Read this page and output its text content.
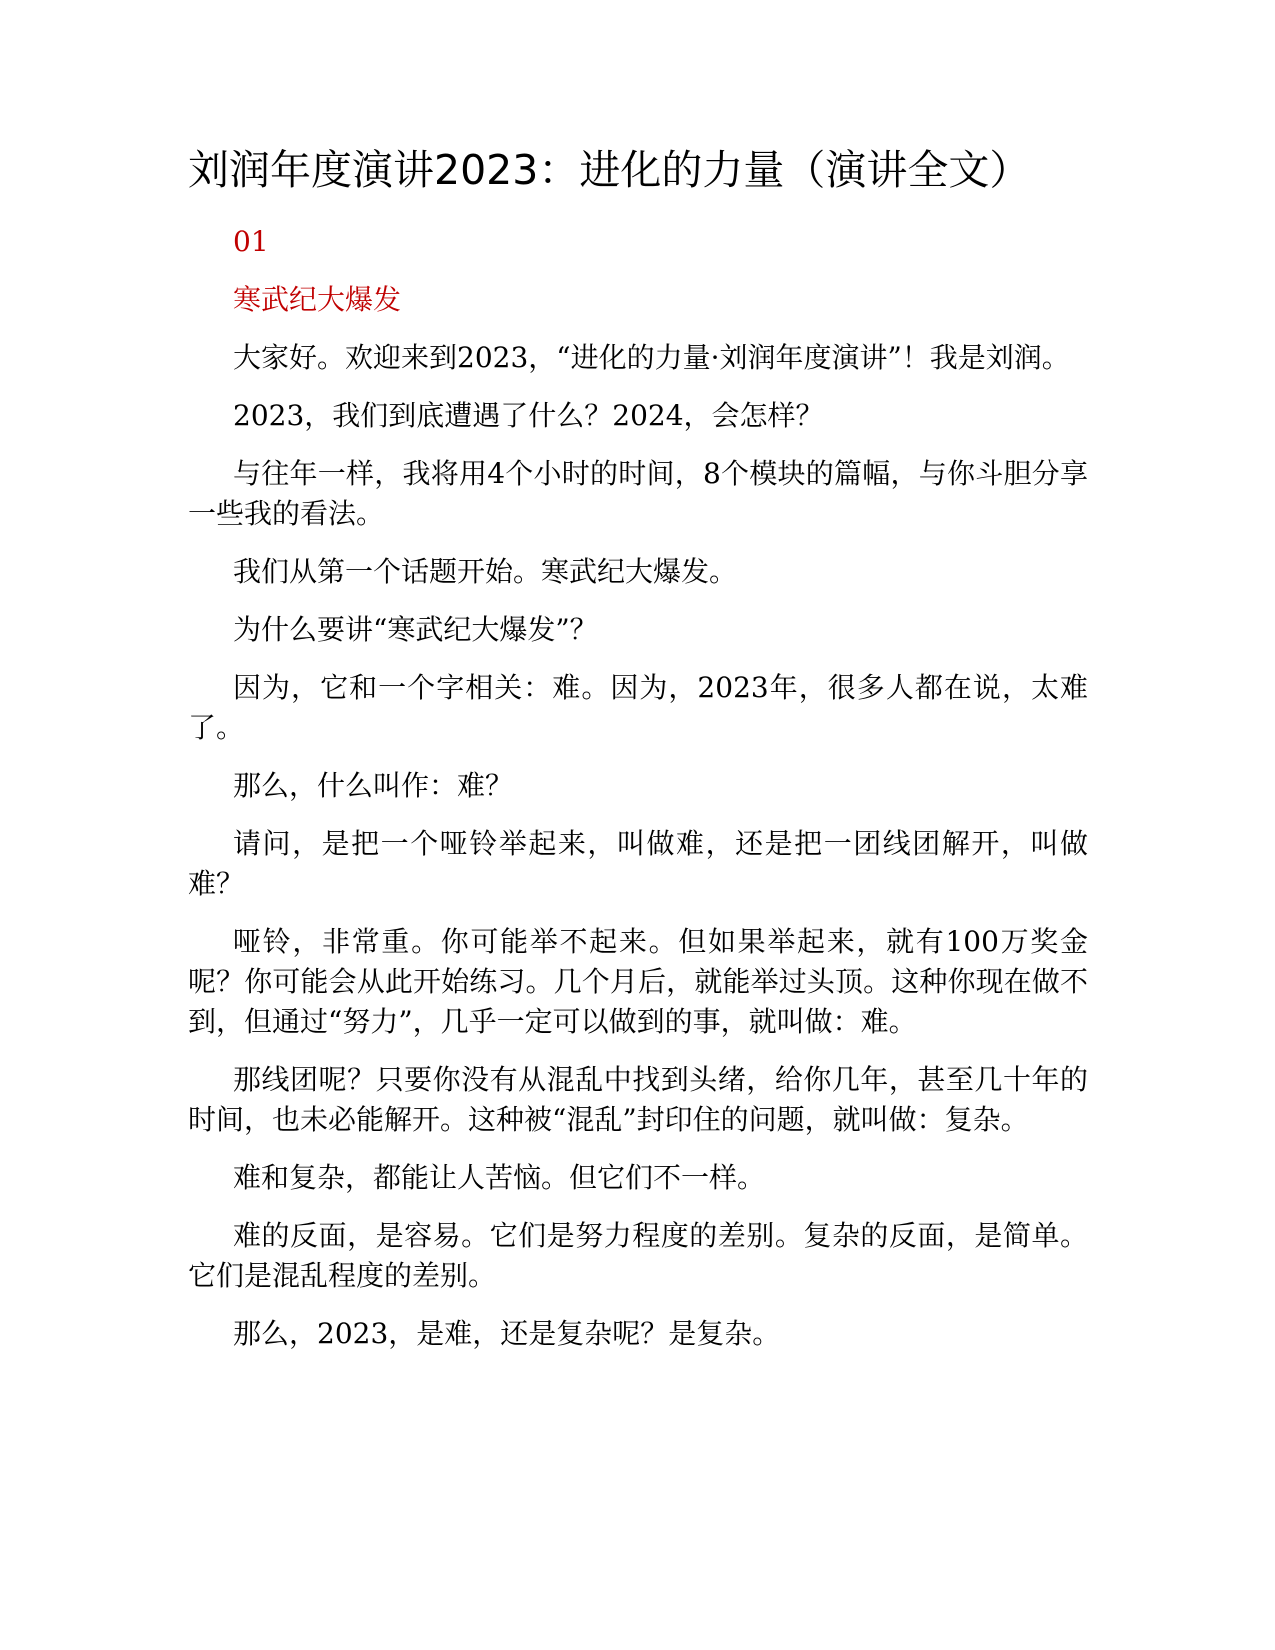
刘润年度演讲2023：进化的力量（演讲全文）

01

寒武纪大爆发

大家好。欢迎来到2023，“进化的力量·刘润年度演讲”！我是刘润。

2023，我们到底遭遇了什么？2024，会怎样？

与往年一样，我将用4个小时的时间，8个模块的篇幅，与你斗胆分享一些我的看法。

我们从第一个话题开始。寒武纪大爆发。

为什么要讲“寒武纪大爆发”？

因为，它和一个字相关：难。因为，2023年，很多人都在说，太难了。

那么，什么叫作：难？

请问，是把一个哑铃举起来，叫做难，还是把一团线团解开，叫做难？

哑铃，非常重。你可能举不起来。但如果举起来，就有100万奖金呢？你可能会从此开始练习。几个月后，就能举过头顶。这种你现在做不到，但通过“努力”，几乎一定可以做到的事，就叫做：难。

那线团呢？只要你没有从混乱中找到头绪，给你几年，甚至几十年的时间，也未必能解开。这种被“混乱”封印住的问题，就叫做：复杂。

难和复杂，都能让人苦恼。但它们不一样。

难的反面，是容易。它们是努力程度的差别。复杂的反面，是简单。它们是混乱程度的差别。

那么，2023，是难，还是复杂呢？是复杂。
